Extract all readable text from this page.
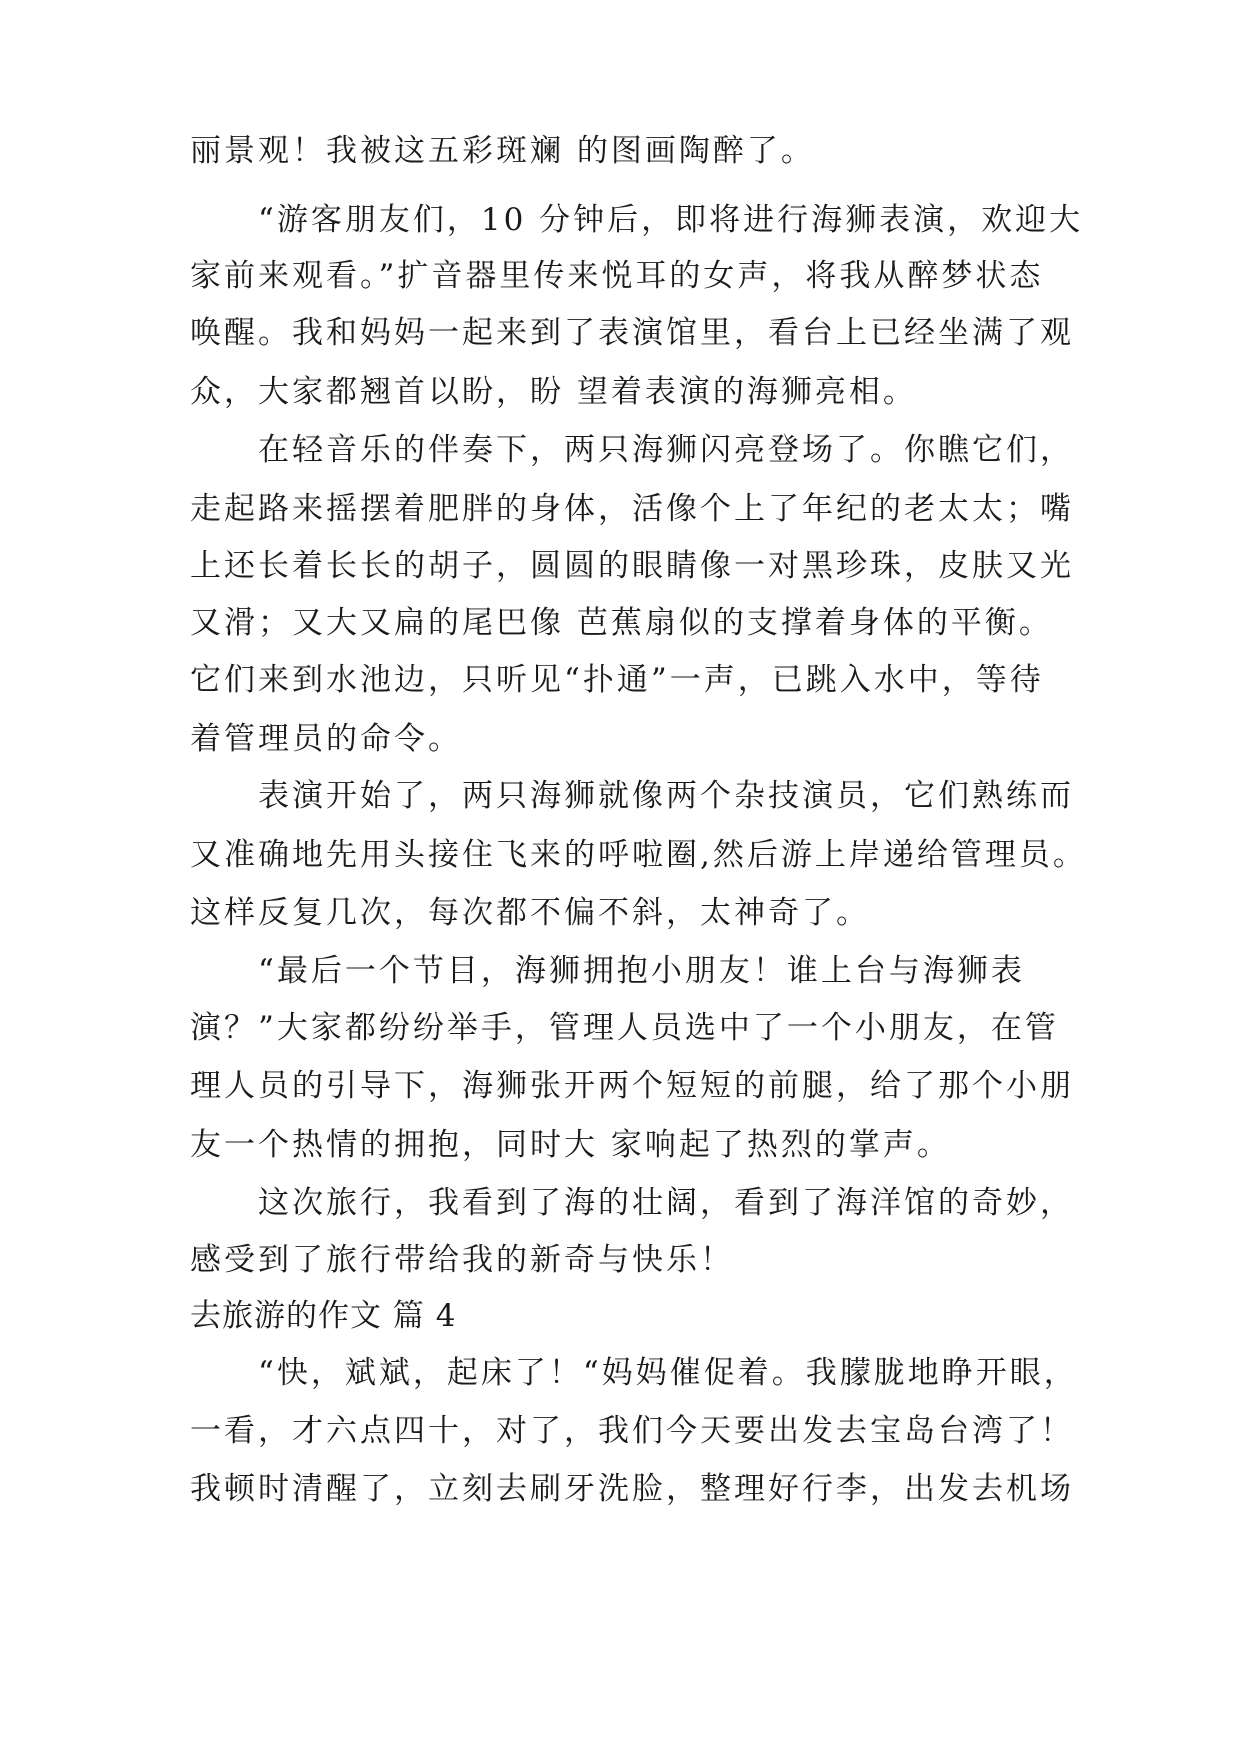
丽景观！我被这五彩斑斓 的图画陶醉了。
“游客朋友们，10 分钟后，即将进行海狮表演，欢迎大
家前来观看。”扩音器里传来悦耳的女声，将我从醉梦状态
唤醒。我和妈妈一起来到了表演馆里，看台上已经坐满了观
众，大家都翘首以盼，盼 望着表演的海狮亮相。
在轻音乐的伴奏下，两只海狮闪亮登场了。你瞧它们，
走起路来摇摆着肥胖的身体，活像个上了年纪的老太太；嘴
上还长着长长的胡子，圆圆的眼睛像一对黑珍珠，皮肤又光
又滑；又大又扁的尾巴像 芭蕉扇似的支撑着身体的平衡。
它们来到水池边，只听见“扑通”一声，已跳入水中，等待
着管理员的命令。
表演开始了，两只海狮就像两个杂技演员，它们熟练而
又准确地先用头接住飞来的呼啦圈,然后游上岸递给管理员。
这样反复几次，每次都不偏不斜，太神奇了。
“最后一个节目，海狮拥抱小朋友！谁上台与海狮表
演？”大家都纷纷举手，管理人员选中了一个小朋友，在管
理人员的引导下，海狮张开两个短短的前腿，给了那个小朋
友一个热情的拥抱，同时大 家响起了热烈的掌声。
这次旅行，我看到了海的壮阔，看到了海洋馆的奇妙，
感受到了旅行带给我的新奇与快乐！
去旅游的作文 篇 4
“快，斌斌，起床了！“妈妈催促着。我朦胧地睁开眼，
一看，才六点四十，对了，我们今天要出发去宝岛台湾了！
我顿时清醒了，立刻去刷牙洗脸，整理好行李，出发去机场
